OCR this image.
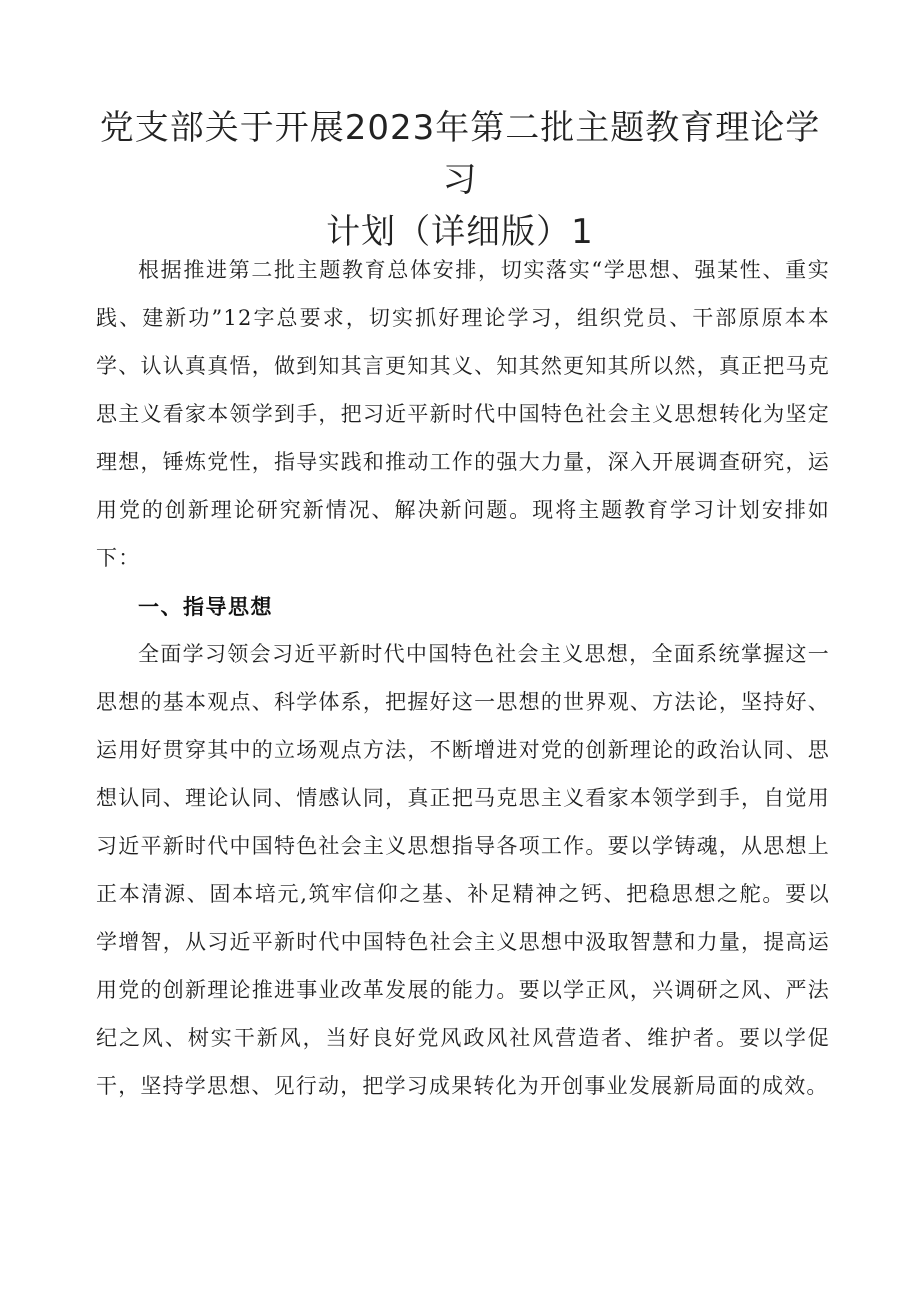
党支部关于开展2023年第二批主题教育理论学习
计划（详细版）1

根据推进第二批主题教育总体安排，切实落实“学思想、强某性、重实践、建新功”12字总要求，切实抓好理论学习，组织党员、干部原原本本学、认认真真悟，做到知其言更知其义、知其然更知其所以然，真正把马克思主义看家本领学到手，把习近平新时代中国特色社会主义思想转化为坚定理想，锤炼党性，指导实践和推动工作的强大力量，深入开展调查研究，运用党的创新理论研究新情况、解决新问题。现将主题教育学习计划安排如下：

一、指导思想

全面学习领会习近平新时代中国特色社会主义思想，全面系统掌握这一思想的基本观点、科学体系，把握好这一思想的世界观、方法论，坚持好、运用好贯穿其中的立场观点方法，不断增进对党的创新理论的政治认同、思想认同、理论认同、情感认同，真正把马克思主义看家本领学到手，自觉用习近平新时代中国特色社会主义思想指导各项工作。要以学铸魂，从思想上正本清源、固本培元,筑牢信仰之基、补足精神之钙、把稳思想之舵。要以学增智，从习近平新时代中国特色社会主义思想中汲取智慧和力量，提高运用党的创新理论推进事业改革发展的能力。要以学正风，兴调研之风、严法纪之风、树实干新风，当好良好党风政风社风营造者、维护者。要以学促干，坚持学思想、见行动，把学习成果转化为开创事业发展新局面的成效。
